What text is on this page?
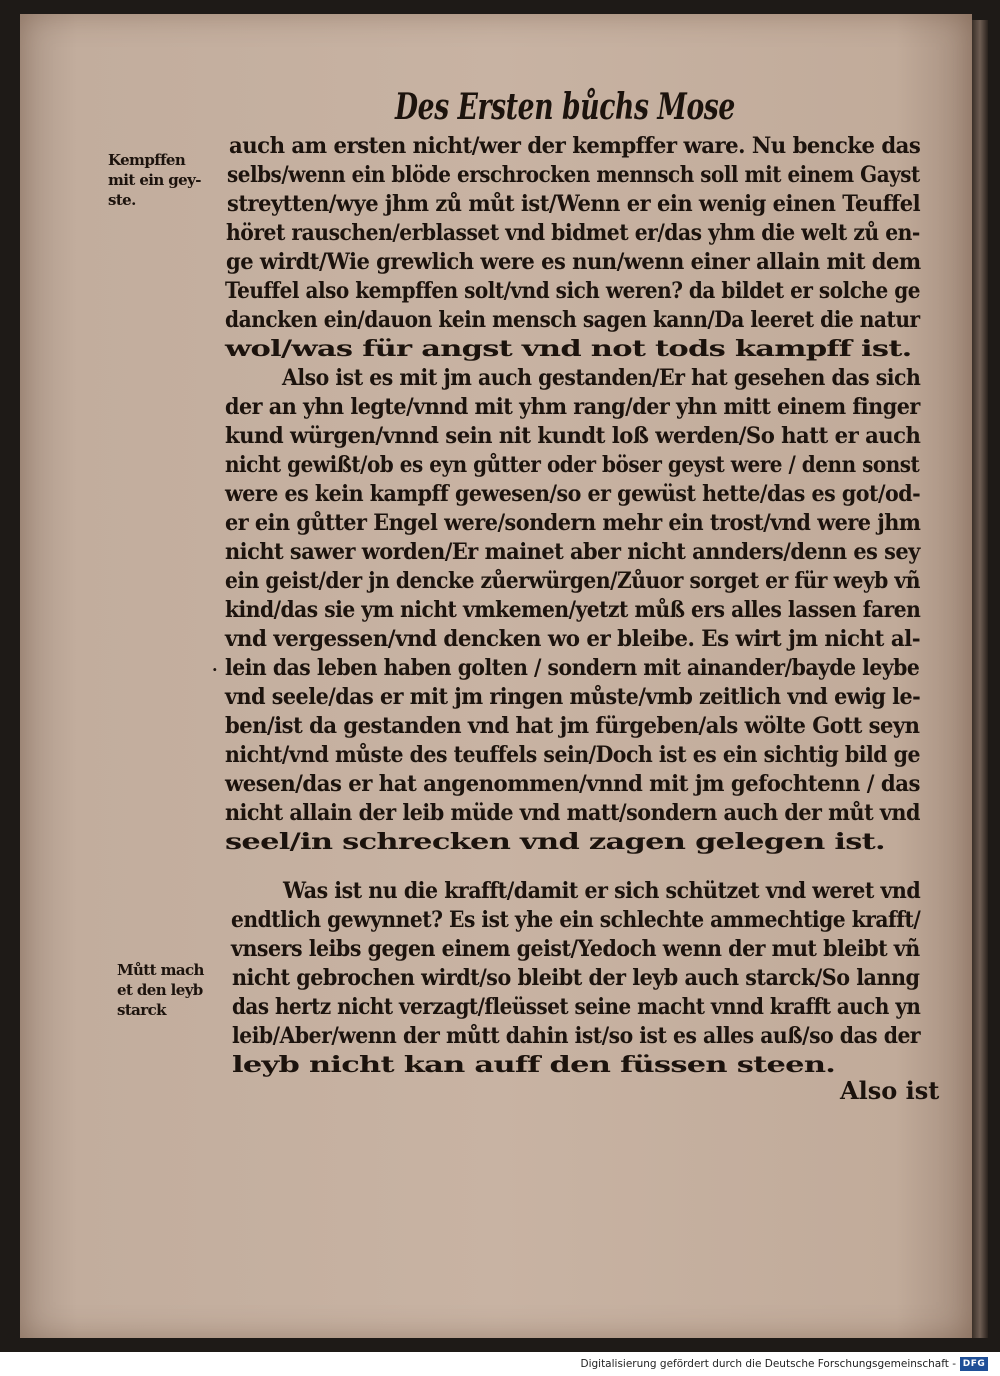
Des Ersten bůchs Mose
auch am ersten nicht/wer der kempffer ware. Nu bencke das
selbs/wenn ein blöde erschrocken mennsch soll mit einem Gayst
streytten/wye jhm zů můt ist/Wenn er ein wenig einen Teuffel
höret rauschen/erblasset vnd bidmet er/das yhm die welt zů en-
ge wirdt/Wie grewlich were es nun/wenn einer allain mit dem
Teuffel also kempffen solt/vnd sich weren? da bildet er solche ge
dancken ein/dauon kein mensch sagen kann/Da leeret die natur
wol/was für angst vnd not tods kampff ist.
Also ist es mit jm auch gestanden/Er hat gesehen das sich
der an yhn legte/vnnd mit yhm rang/der yhn mitt einem finger
kund würgen/vnnd sein nit kundt loß werden/So hatt er auch
nicht gewißt/ob es eyn gůtter oder böser geyst were / denn sonst
were es kein kampff gewesen/so er gewüst hette/das es got/od-
er ein gůtter Engel were/sondern mehr ein trost/vnd were jhm
nicht sawer worden/Er mainet aber nicht annders/denn es sey
ein geist/der jn dencke zůerwürgen/Zůuor sorget er für weyb vñ
kind/das sie ym nicht vmkemen/yetzt můß ers alles lassen faren
vnd vergessen/vnd dencken wo er bleibe. Es wirt jm nicht al-
lein das leben haben golten / sondern mit ainander/bayde leybe
vnd seele/das er mit jm ringen můste/vmb zeitlich vnd ewig le-
ben/ist da gestanden vnd hat jm fürgeben/als wölte Gott seyn
nicht/vnd můste des teuffels sein/Doch ist es ein sichtig bild ge
wesen/das er hat angenommen/vnnd mit jm gefochtenn / das
nicht allain der leib müde vnd matt/sondern auch der můt vnd
seel/in schrecken vnd zagen gelegen ist.
Was ist nu die krafft/damit er sich schützet vnd weret vnd
endtlich gewynnet? Es ist yhe ein schlechte ammechtige krafft/
vnsers leibs gegen einem geist/Yedoch wenn der mut bleibt vñ
nicht gebrochen wirdt/so bleibt der leyb auch starck/So lanng
das hertz nicht verzagt/fleüsset seine macht vnnd krafft auch yn
leib/Aber/wenn der můtt dahin ist/so ist es alles auß/so das der
leyb nicht kan auff den füssen steen.
.
Kempffen
mit ein gey-
ste.
Můtt mach
et den leyb
starck
Also ist
Digitalisierung gefördert durch die Deutsche Forschungsgemeinschaft - DFG
